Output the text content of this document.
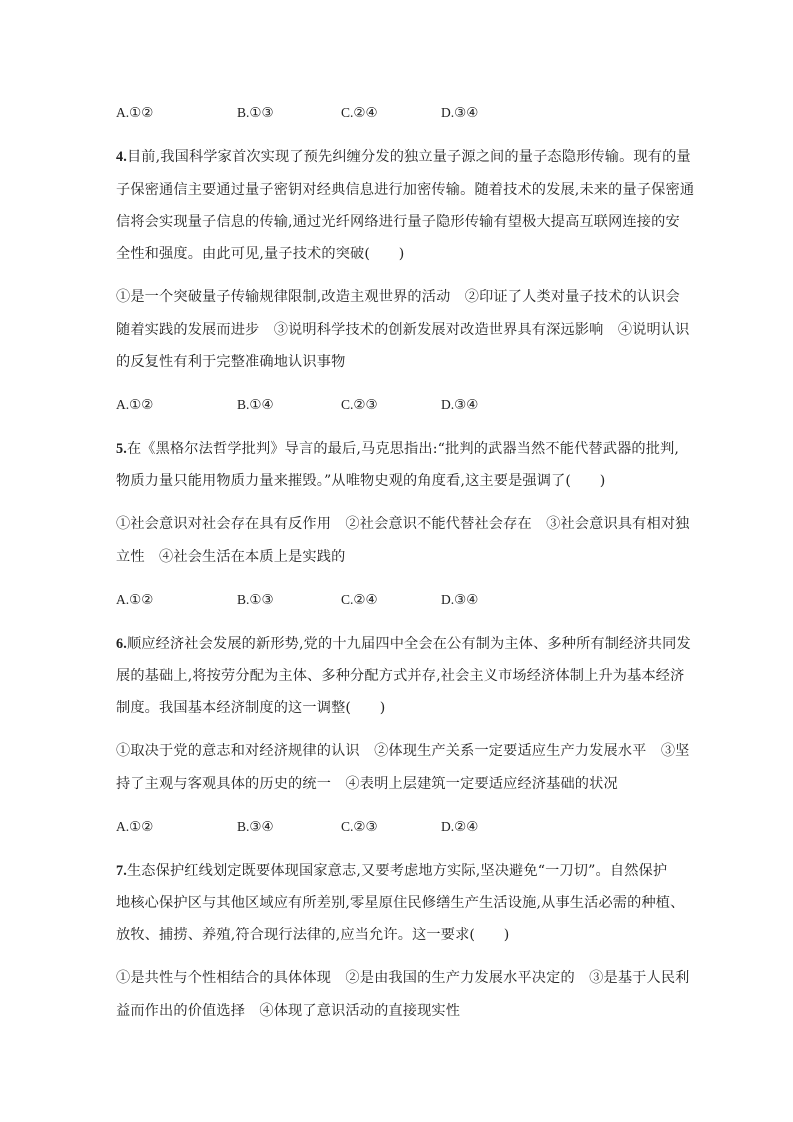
A.①②	B.①③	C.②④	D.③④

4.目前,我国科学家首次实现了预先纠缠分发的独立量子源之间的量子态隐形传输。现有的量

子保密通信主要通过量子密钥对经典信息进行加密传输。随着技术的发展,未来的量子保密通

信将会实现量子信息的传输,通过光纤网络进行量子隐形传输有望极大提高互联网连接的安

全性和强度。由此可见,量子技术的突破(　　)

①是一个突破量子传输规律限制,改造主观世界的活动　②印证了人类对量子技术的认识会

随着实践的发展而进步　③说明科学技术的创新发展对改造世界具有深远影响　④说明认识

的反复性有利于完整准确地认识事物

A.①②	B.①④	C.②③	D.③④

5.在《黑格尔法哲学批判》导言的最后,马克思指出:“批判的武器当然不能代替武器的批判,

物质力量只能用物质力量来摧毁。”从唯物史观的角度看,这主要是强调了(　　)

①社会意识对社会存在具有反作用　②社会意识不能代替社会存在　③社会意识具有相对独

立性　④社会生活在本质上是实践的

A.①②	B.①③	C.②④	D.③④

6.顺应经济社会发展的新形势,党的十九届四中全会在公有制为主体、多种所有制经济共同发

展的基础上,将按劳分配为主体、多种分配方式并存,社会主义市场经济体制上升为基本经济

制度。我国基本经济制度的这一调整(　　)

①取决于党的意志和对经济规律的认识　②体现生产关系一定要适应生产力发展水平　③坚

持了主观与客观具体的历史的统一　④表明上层建筑一定要适应经济基础的状况

A.①②	B.③④	C.②③	D.②④

7.生态保护红线划定既要体现国家意志,又要考虑地方实际,坚决避免“一刀切”。自然保护

地核心保护区与其他区域应有所差别,零星原住民修缮生产生活设施,从事生活必需的种植、

放牧、捕捞、养殖,符合现行法律的,应当允许。这一要求(　　)

①是共性与个性相结合的具体体现　②是由我国的生产力发展水平决定的　③是基于人民利

益而作出的价值选择　④体现了意识活动的直接现实性
